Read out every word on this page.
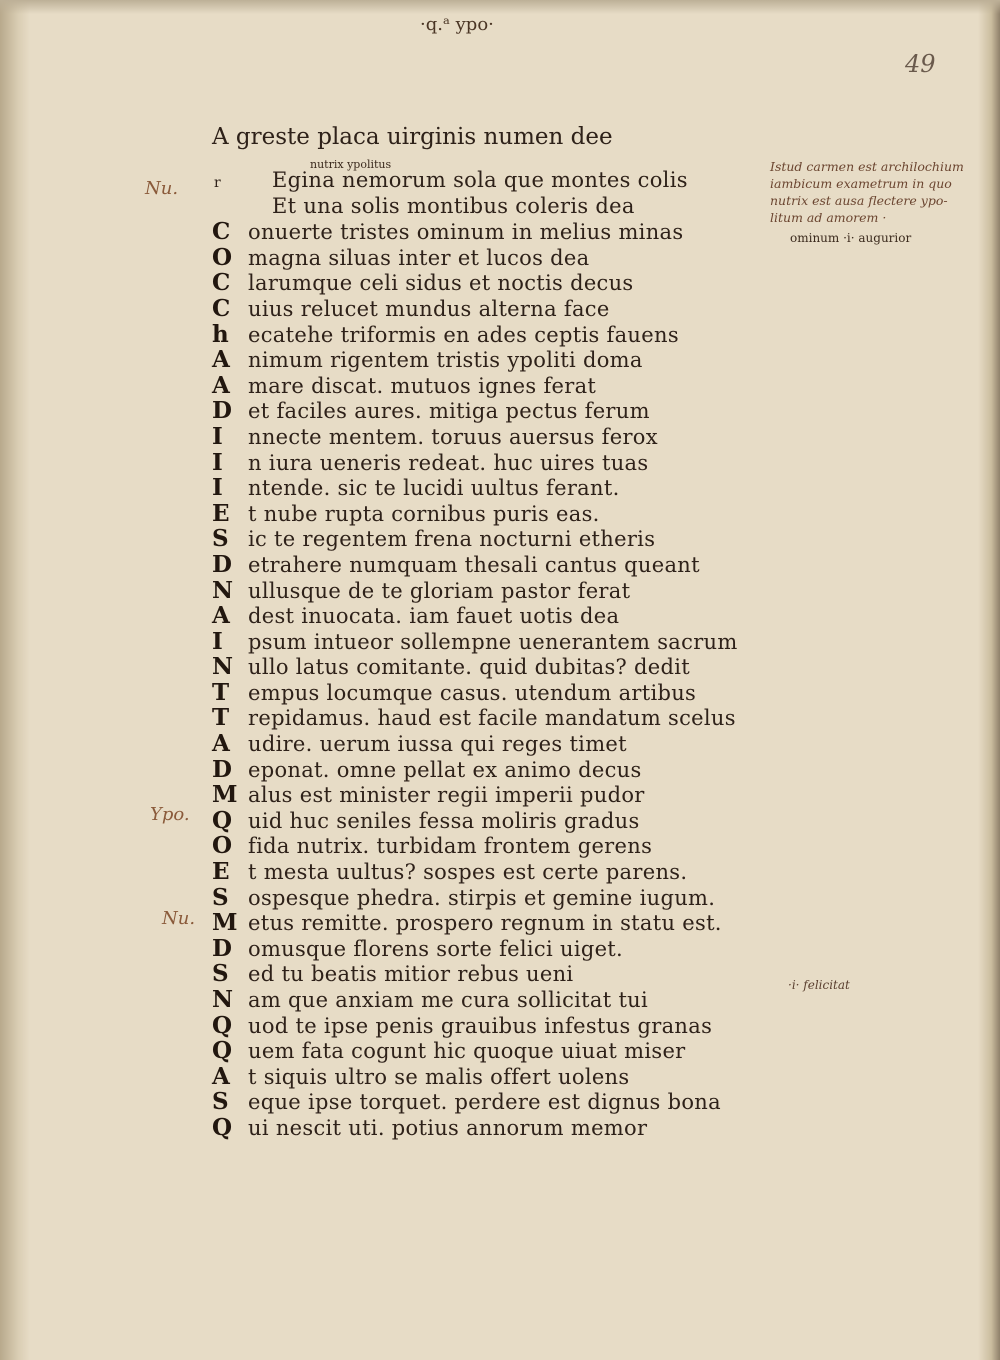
·q.ᵃ ypo·
49
A greste placa uirginis numen dee
nutrix ypolitus
r
Nu.
Ypo.
Nu.
Egina nemorum sola que montes colis
Et una solis montibus coleris dea
C onuerte tristes ominum in melius minas
O magna siluas inter et lucos dea
C larumque celi sidus et noctis decus
C uius relucet mundus alterna face
h ecatehe triformis en ades ceptis fauens
A nimum rigentem tristis ypoliti doma
A mare discat. mutuos ignes ferat
D et faciles aures. mitiga pectus ferum
I nnecte mentem. toruus auersus ferox
I n iura ueneris redeat. huc uires tuas
I ntende. sic te lucidi uultus ferant.
E t nube rupta cornibus puris eas.
S ic te regentem frena nocturni etheris
D etrahere numquam thesali cantus queant
N ullusque de te gloriam pastor ferat
A dest inuocata. iam fauet uotis dea
I psum intueor sollempne uenerantem sacrum
N ullo latus comitante. quid dubitas? dedit
T empus locumque casus. utendum artibus
T repidamus. haud est facile mandatum scelus
A udire. uerum iussa qui reges timet
D eponat. omne pellat ex animo decus
M alus est minister regii imperii pudor
Q uid huc seniles fessa moliris gradus
O fida nutrix. turbidam frontem gerens
E t mesta uultus? sospes est certe parens.
S ospesque phedra. stirpis et gemine iugum.
M etus remitte. prospero regnum in statu est.
D omusque florens sorte felici uiget.
S ed tu beatis mitior rebus ueni
N am que anxiam me cura sollicitat tui
Q uod te ipse penis grauibus infestus granas
Q uem fata cogunt hic quoque uiuat miser
A t siquis ultro se malis offert uolens
S eque ipse torquet. perdere est dignus bona
Q ui nescit uti. potius annorum memor
Istud carmen est archilochium
iambicum exametrum in quo
nutrix est ausa flectere ypo-
litum ad amorem ·
ominum ·i· augurior
·i· felicitat
